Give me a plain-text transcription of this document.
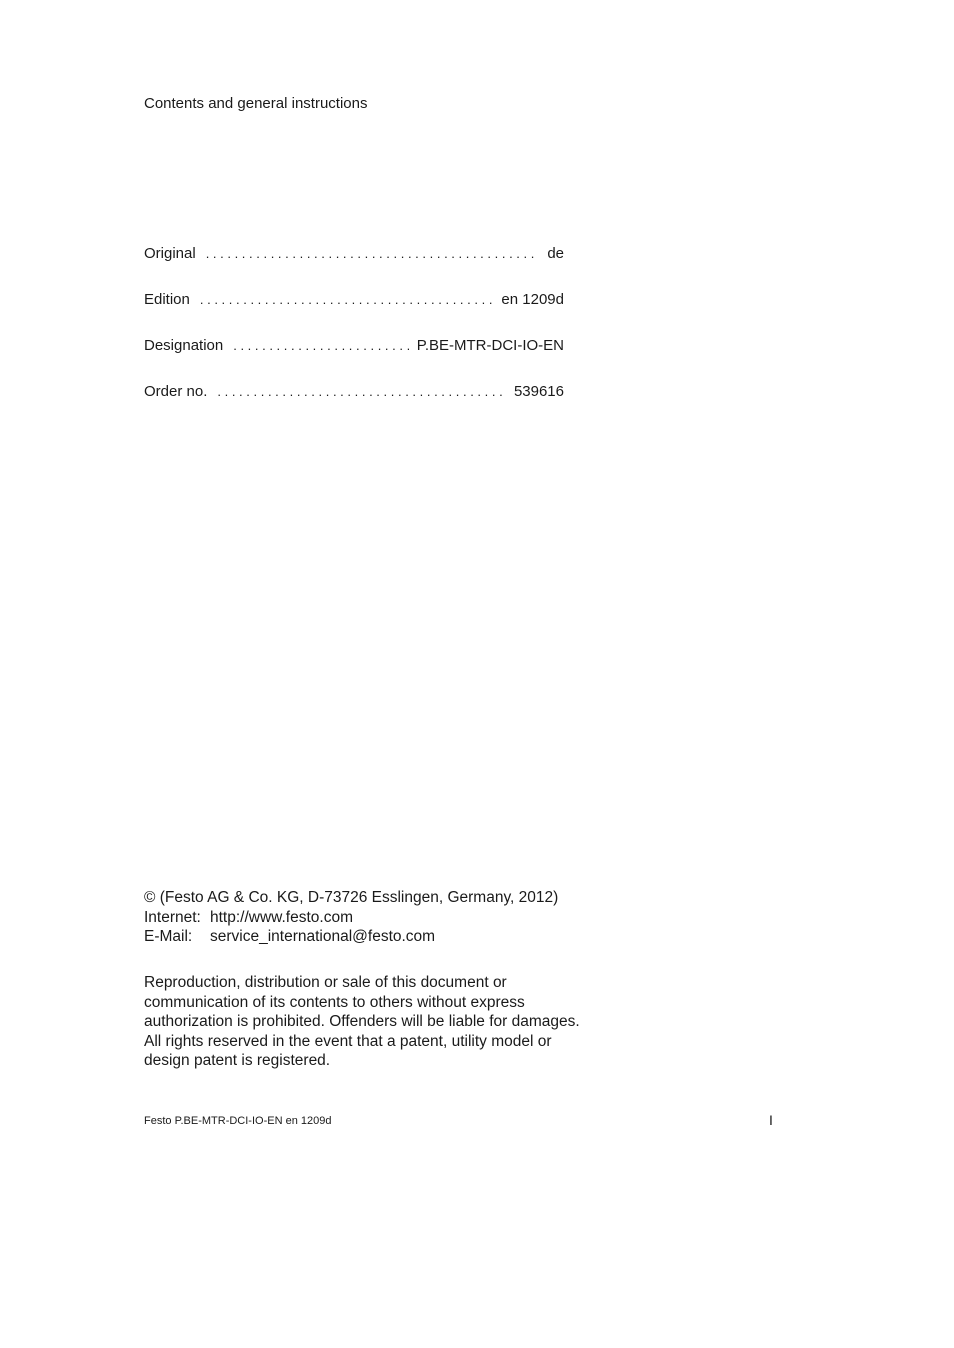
Contents and general instructions
Original . . .	de
Edition . . .	en 1209d
Designation . . .	P.BE-MTR-DCI-IO-EN
Order no. . . .	539616
© (Festo AG & Co. KG, D-73726 Esslingen, Germany, 2012)
Internet: http://www.festo.com
E-Mail:	service_international@festo.com
Reproduction, distribution or sale of this document or communication of its contents to others without express authorization is prohibited. Offenders will be liable for damages. All rights reserved in the event that a patent, utility model or design patent is registered.
Festo P.BE-MTR-DCI-IO-EN en 1209d	I
